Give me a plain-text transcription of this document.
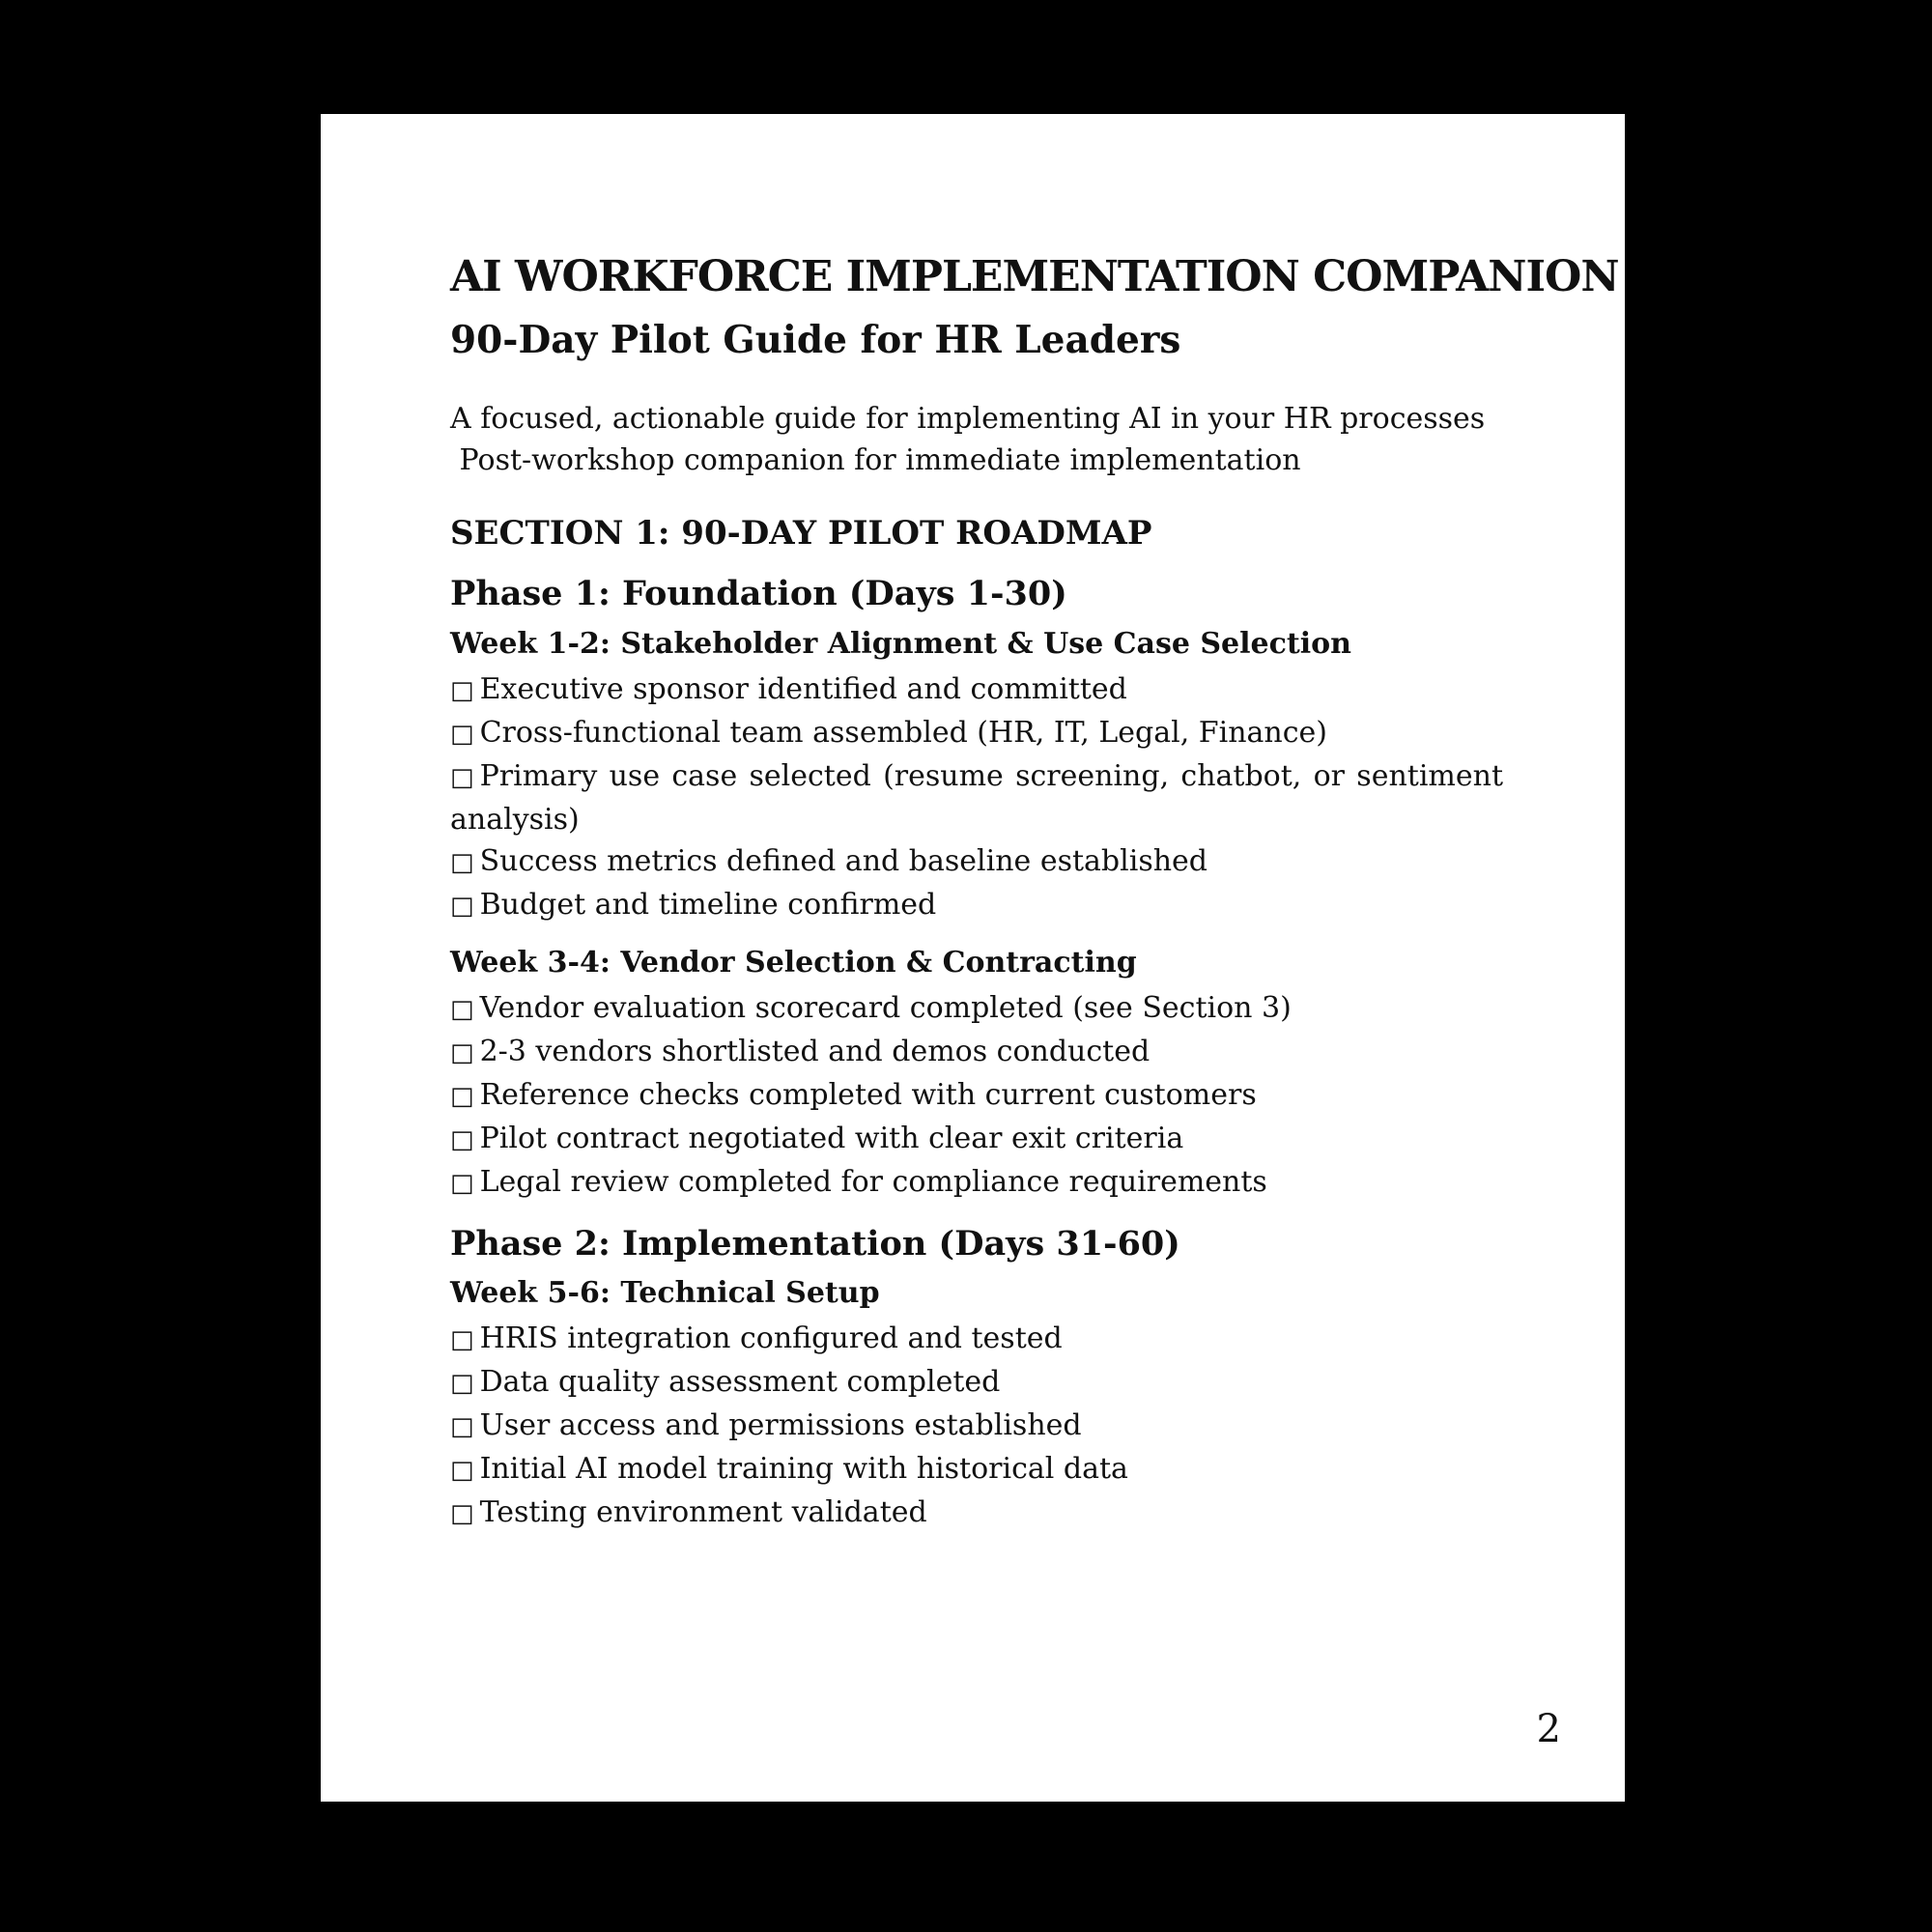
AI WORKFORCE IMPLEMENTATION COMPANION
90-Day Pilot Guide for HR Leaders

A focused, actionable guide for implementing AI in your HR processes

Post-workshop companion for immediate implementation

SECTION 1: 90-DAY PILOT ROADMAP
Phase 1: Foundation (Days 1-30)
Week 1-2: Stakeholder Alignment & Use Case Selection
□ Executive sponsor identified and committed
□ Cross-functional team assembled (HR, IT, Legal, Finance)
□ Primary use case selected (resume screening, chatbot, or sentiment analysis)
□ Success metrics defined and baseline established
□ Budget and timeline confirmed
Week 3-4: Vendor Selection & Contracting
□ Vendor evaluation scorecard completed (see Section 3)
□ 2-3 vendors shortlisted and demos conducted
□ Reference checks completed with current customers
□ Pilot contract negotiated with clear exit criteria
□ Legal review completed for compliance requirements
Phase 2: Implementation (Days 31-60)
Week 5-6: Technical Setup
□ HRIS integration configured and tested
□ Data quality assessment completed
□ User access and permissions established
□ Initial AI model training with historical data
□ Testing environment validated
2
